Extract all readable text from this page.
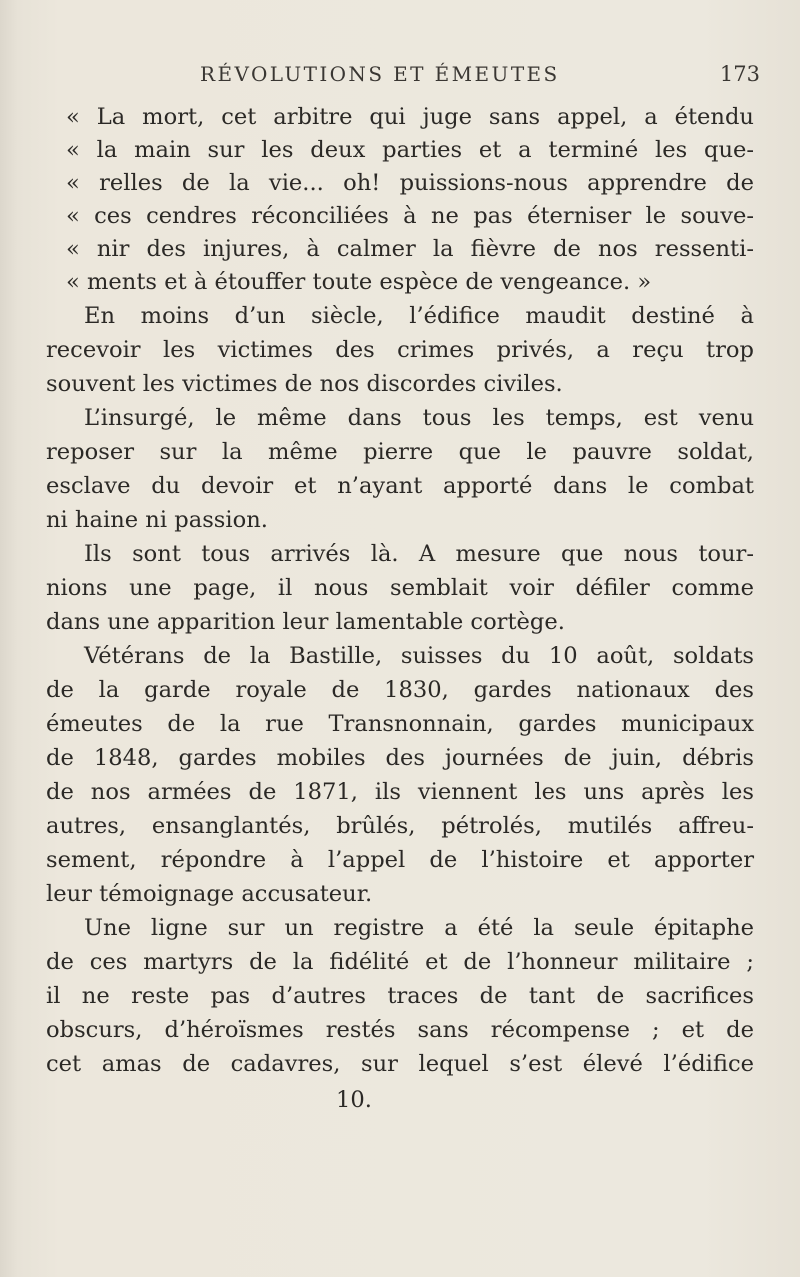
RÉVOLUTIONS ET ÉMEUTES	173
« La mort, cet arbitre qui juge sans appel, a étendu
« la main sur les deux parties et a terminé les que-
« relles de la vie... oh! puissions-nous apprendre de
« ces cendres réconciliées à ne pas éterniser le souve-
« nir des injures, à calmer la fièvre de nos ressenti-
« ments et à étouffer toute espèce de vengeance. »
En moins d’un siècle, l’édifice maudit destiné à
recevoir les victimes des crimes privés, a reçu trop
souvent les victimes de nos discordes civiles.
L’insurgé, le même dans tous les temps, est venu
reposer sur la même pierre que le pauvre soldat,
esclave du devoir et n’ayant apporté dans le combat
ni haine ni passion.
Ils sont tous arrivés là. A mesure que nous tour-
nions une page, il nous semblait voir défiler comme
dans une apparition leur lamentable cortège.
Vétérans de la Bastille, suisses du 10 août, soldats
de la garde royale de 1830, gardes nationaux des
émeutes de la rue Transnonnain, gardes municipaux
de 1848, gardes mobiles des journées de juin, débris
de nos armées de 1871, ils viennent les uns après les
autres, ensanglantés, brûlés, pétrolés, mutilés affreu-
sement, répondre à l’appel de l’histoire et apporter
leur témoignage accusateur.
Une ligne sur un registre a été la seule épitaphe
de ces martyrs de la fidélité et de l’honneur militaire ;
il ne reste pas d’autres traces de tant de sacrifices
obscurs, d’héroïsmes restés sans récompense ; et de
cet amas de cadavres, sur lequel s’est élevé l’édifice
10.
